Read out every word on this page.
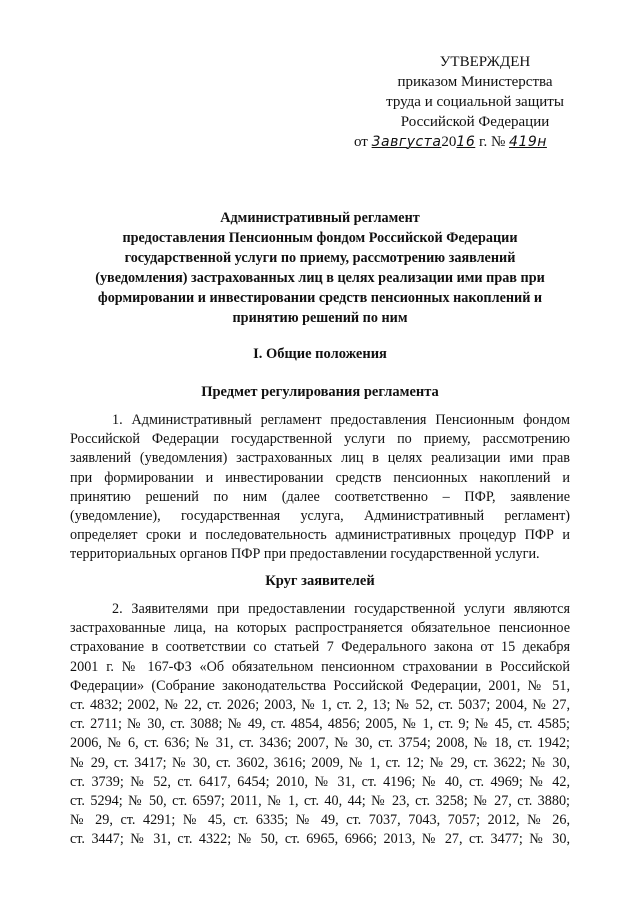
УТВЕРЖДЕН
приказом Министерства
труда и социальной защиты
Российской Федерации
от 3августа2016 г. № 419н
Административный регламент
предоставления Пенсионным фондом Российской Федерации
государственной услуги по приему, рассмотрению заявлений
(уведомления) застрахованных лиц в целях реализации ими прав при
формировании и инвестировании средств пенсионных накоплений и
принятию решений по ним
I. Общие положения
Предмет регулирования регламента

1. Административный регламент предоставления Пенсионным фондом
Российской Федерации государственной услуги по приему, рассмотрению
заявлений (уведомления) застрахованных лиц в целях реализации ими прав
при формировании и инвестировании средств пенсионных накоплений и
принятию решений по ним (далее соответственно – ПФР, заявление
(уведомление), государственная услуга, Административный регламент)
определяет сроки и последовательность административных процедур ПФР и
территориальных органов ПФР при предоставлении государственной услуги.

Круг заявителей

2. Заявителями при предоставлении государственной услуги являются
застрахованные лица, на которых распространяется обязательное пенсионное
страхование в соответствии со статьей 7 Федерального закона от 15 декабря
2001 г. № 167-ФЗ «Об обязательном пенсионном страховании в Российской
Федерации» (Собрание законодательства Российской Федерации, 2001, № 51,
ст. 4832; 2002, № 22, ст. 2026; 2003, № 1, ст. 2, 13; № 52, ст. 5037; 2004, № 27,
ст. 2711; № 30, ст. 3088; № 49, ст. 4854, 4856; 2005, № 1, ст. 9; № 45, ст. 4585;
2006, № 6, ст. 636; № 31, ст. 3436; 2007, № 30, ст. 3754; 2008, № 18, ст. 1942;
№ 29, ст. 3417; № 30, ст. 3602, 3616; 2009, № 1, ст. 12; № 29, ст. 3622; № 30,
ст. 3739; № 52, ст. 6417, 6454; 2010, № 31, ст. 4196; № 40, ст. 4969; № 42,
ст. 5294; № 50, ст. 6597; 2011, № 1, ст. 40, 44; № 23, ст. 3258; № 27, ст. 3880;
№ 29, ст. 4291; № 45, ст. 6335; № 49, ст. 7037, 7043, 7057; 2012, № 26,
ст. 3447; № 31, ст. 4322; № 50, ст. 6965, 6966; 2013, № 27, ст. 3477; № 30,
